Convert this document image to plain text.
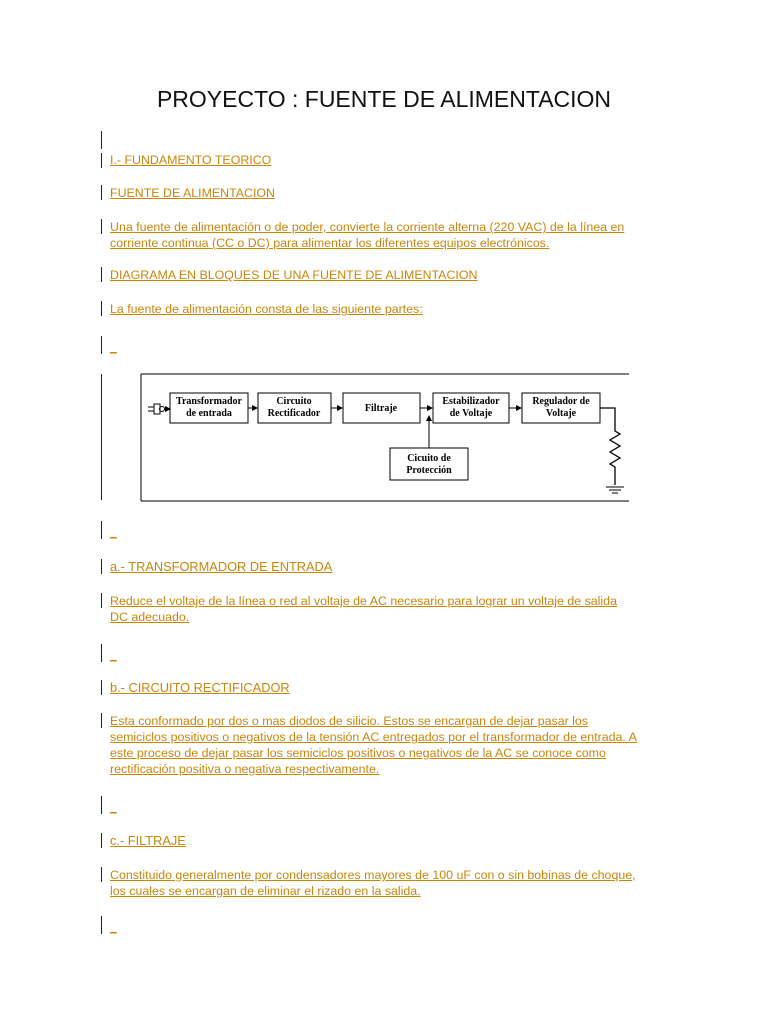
PROYECTO : FUENTE DE ALIMENTACION
I.- FUNDAMENTO TEORICO
FUENTE DE ALIMENTACION
Una fuente de alimentación o de poder, convierte la corriente alterna (220 VAC) de la línea en
corriente continua (CC o DC) para alimentar los diferentes equipos electrónicos.
DIAGRAMA EN BLOQUES DE UNA FUENTE DE ALIMENTACION
La fuente de alimentación consta de las siguiente partes:
_
Transformador
de entrada
Circuito
Rectificador	Filtraje
Estabilizador
de Voltaje
Regulador de
Voltaje
Cicuito de
Protección
_
a.- TRANSFORMADOR DE ENTRADA
Reduce el voltaje de la línea o red al voltaje de AC necesario para lograr un voltaje de salida
DC adecuado.
_
b.- CIRCUITO RECTIFICADOR
Esta conformado por dos o mas diodos de silicio. Estos se encargan de dejar pasar los
semiciclos positivos o negativos de la tensión AC entregados por el transformador de entrada. A
este proceso de dejar pasar los semiciclos positivos o negativos de la AC se conoce como
rectificación positiva o negativa respectivamente.
_
c.- FILTRAJE
Constituido generalmente por condensadores mayores de 100 uF con o sin bobinas de choque,
los cuales se encargan de eliminar el rizado en la salida.
_
